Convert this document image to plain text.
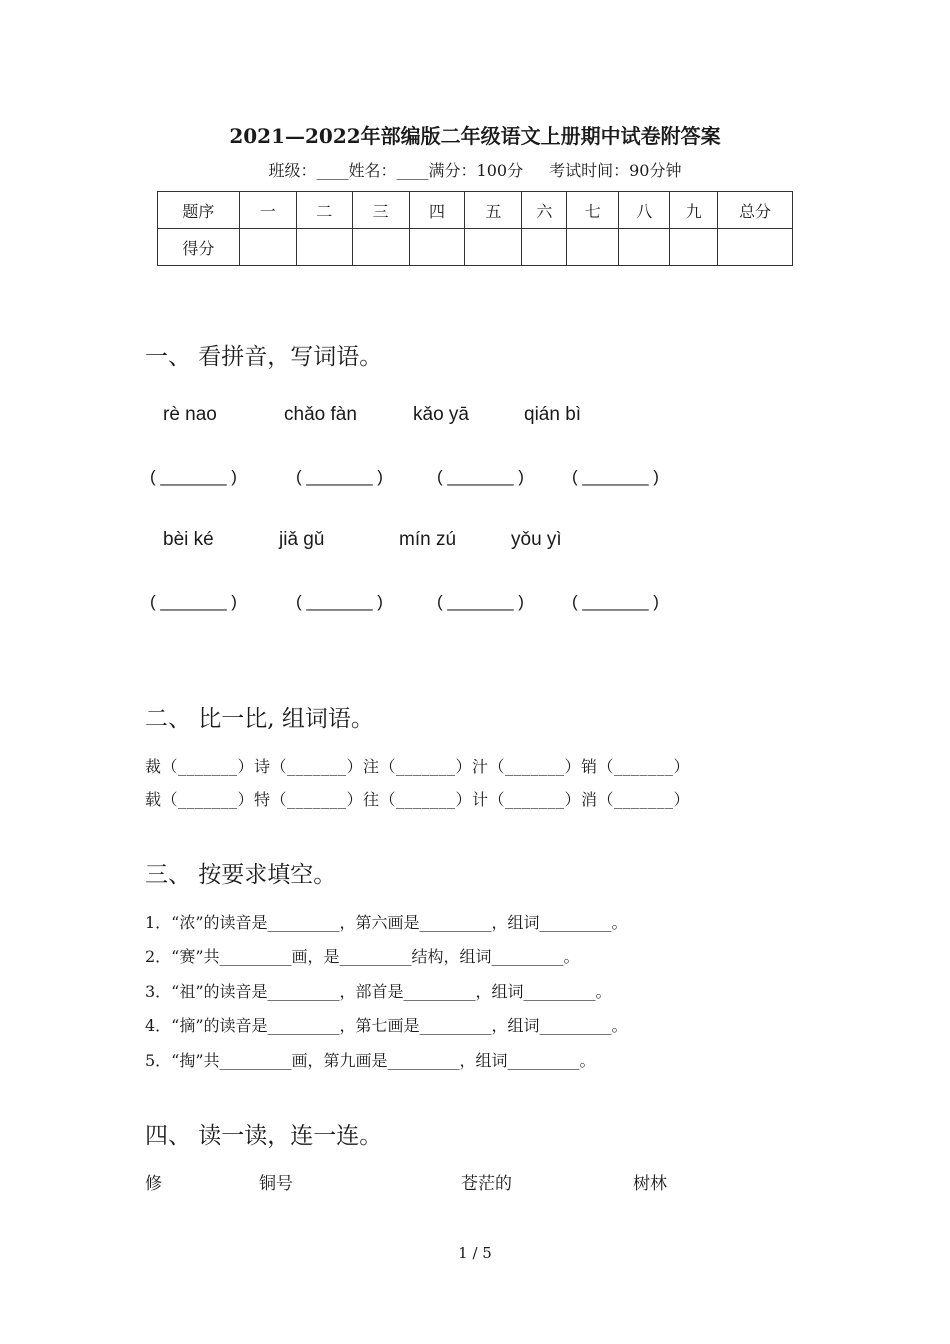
2021—2022年部编版二年级语文上册期中试卷附答案
班级：____姓名：____满分：100分 考试时间：90分钟
题序	一	二	三	四	五	六	七	八	九	总分
得分										
一、 看拼音，写词语。
rè nao	chǎo fàn	kǎo yā	qián bì
( _______ )	( _______ )	( _______ )	( _______ )
bèi ké	jiǎ gǔ	mín zú	yǒu yì
( _______ )	( _______ )	( _______ )	( _______ )
二、 比一比, 组词语。
裁（_______）诗（_______）注（_______）汁（_______）销（_______）
载（_______）特（_______）往（_______）计（_______）消（_______）
三、 按要求填空。
1．“浓”的读音是_________，第六画是_________，组词_________。
2．“赛”共_________画，是_________结构，组词_________。
3．“祖”的读音是_________，部首是_________，组词_________。
4．“摘”的读音是_________，第七画是_________，组词_________。
5．“掏”共_________画，第九画是_________，组词_________。
四、 读一读，连一连。
修	铜号	苍茫的	树林
1 / 5
